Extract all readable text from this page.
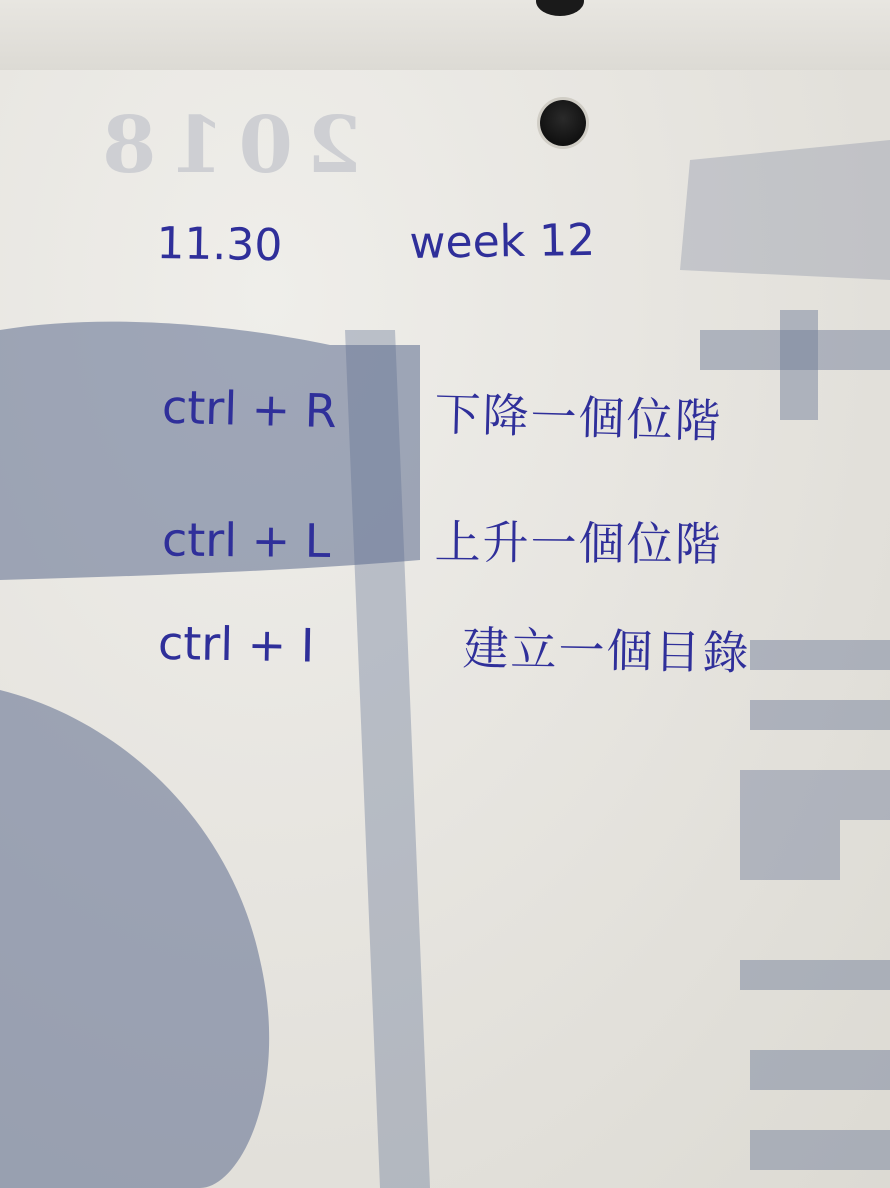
2018
11.30	week 12
ctrl + R 下降一個位階
ctrl + L 上升一個位階
ctrl + I	建立一個目錄
